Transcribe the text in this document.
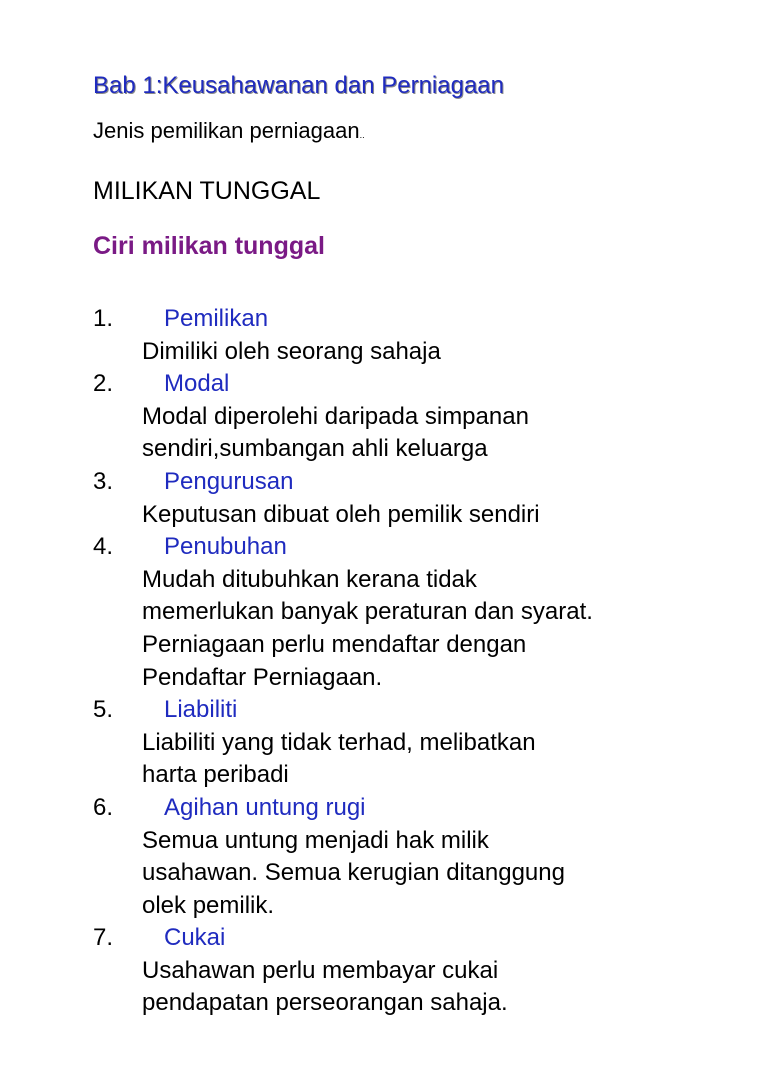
Bab 1:Keusahawanan dan Perniagaan
Jenis pemilikan perniagaan..
MILIKAN TUNGGAL
Ciri milikan tunggal
1. Pemilikan
Dimiliki oleh seorang sahaja
2. Modal
Modal diperolehi daripada simpanan
sendiri,sumbangan ahli keluarga
3. Pengurusan
Keputusan dibuat oleh pemilik sendiri
4. Penubuhan
Mudah ditubuhkan kerana tidak
memerlukan banyak peraturan dan syarat.
Perniagaan perlu mendaftar dengan
Pendaftar Perniagaan.
5. Liabiliti
Liabiliti yang tidak terhad, melibatkan
harta peribadi
6. Agihan untung rugi
Semua untung menjadi hak milik
usahawan. Semua kerugian ditanggung
olek pemilik.
7. Cukai
Usahawan perlu membayar cukai
pendapatan perseorangan sahaja.
